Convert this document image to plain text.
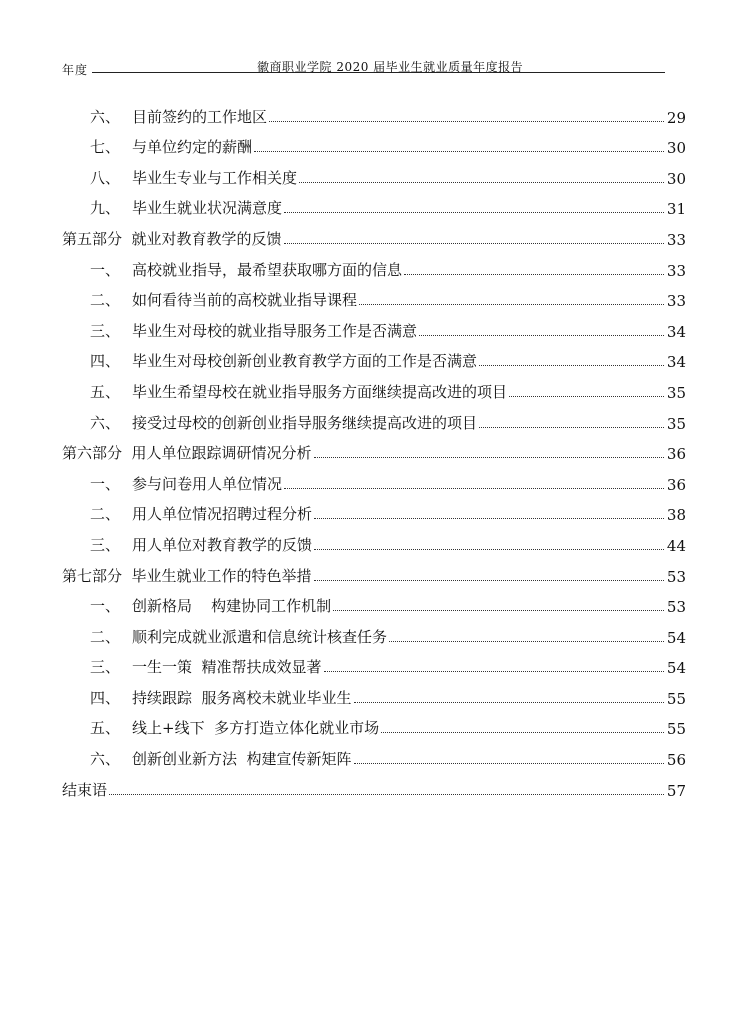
年度	徽商职业学院 2020 届毕业生就业质量年度报告
六、 目前签约的工作地区	29
七、 与单位约定的薪酬	30
八、 毕业生专业与工作相关度	30
九、 毕业生就业状况满意度	31
第五部分  就业对教育教学的反馈	33
一、 高校就业指导，最希望获取哪方面的信息	33
二、 如何看待当前的高校就业指导课程	33
三、 毕业生对母校的就业指导服务工作是否满意	34
四、 毕业生对母校创新创业教育教学方面的工作是否满意	34
五、 毕业生希望母校在就业指导服务方面继续提高改进的项目	35
六、 接受过母校的创新创业指导服务继续提高改进的项目	35
第六部分  用人单位跟踪调研情况分析	36
一、 参与问卷用人单位情况	36
二、 用人单位情况招聘过程分析	38
三、 用人单位对教育教学的反馈	44
第七部分  毕业生就业工作的特色举措	53
一、 创新格局    构建协同工作机制	53
二、 顺利完成就业派遣和信息统计核查任务	54
三、 一生一策  精准帮扶成效显著	54
四、 持续跟踪  服务离校未就业毕业生	55
五、 线上+线下  多方打造立体化就业市场	55
六、 创新创业新方法  构建宣传新矩阵	56
结束语	57
